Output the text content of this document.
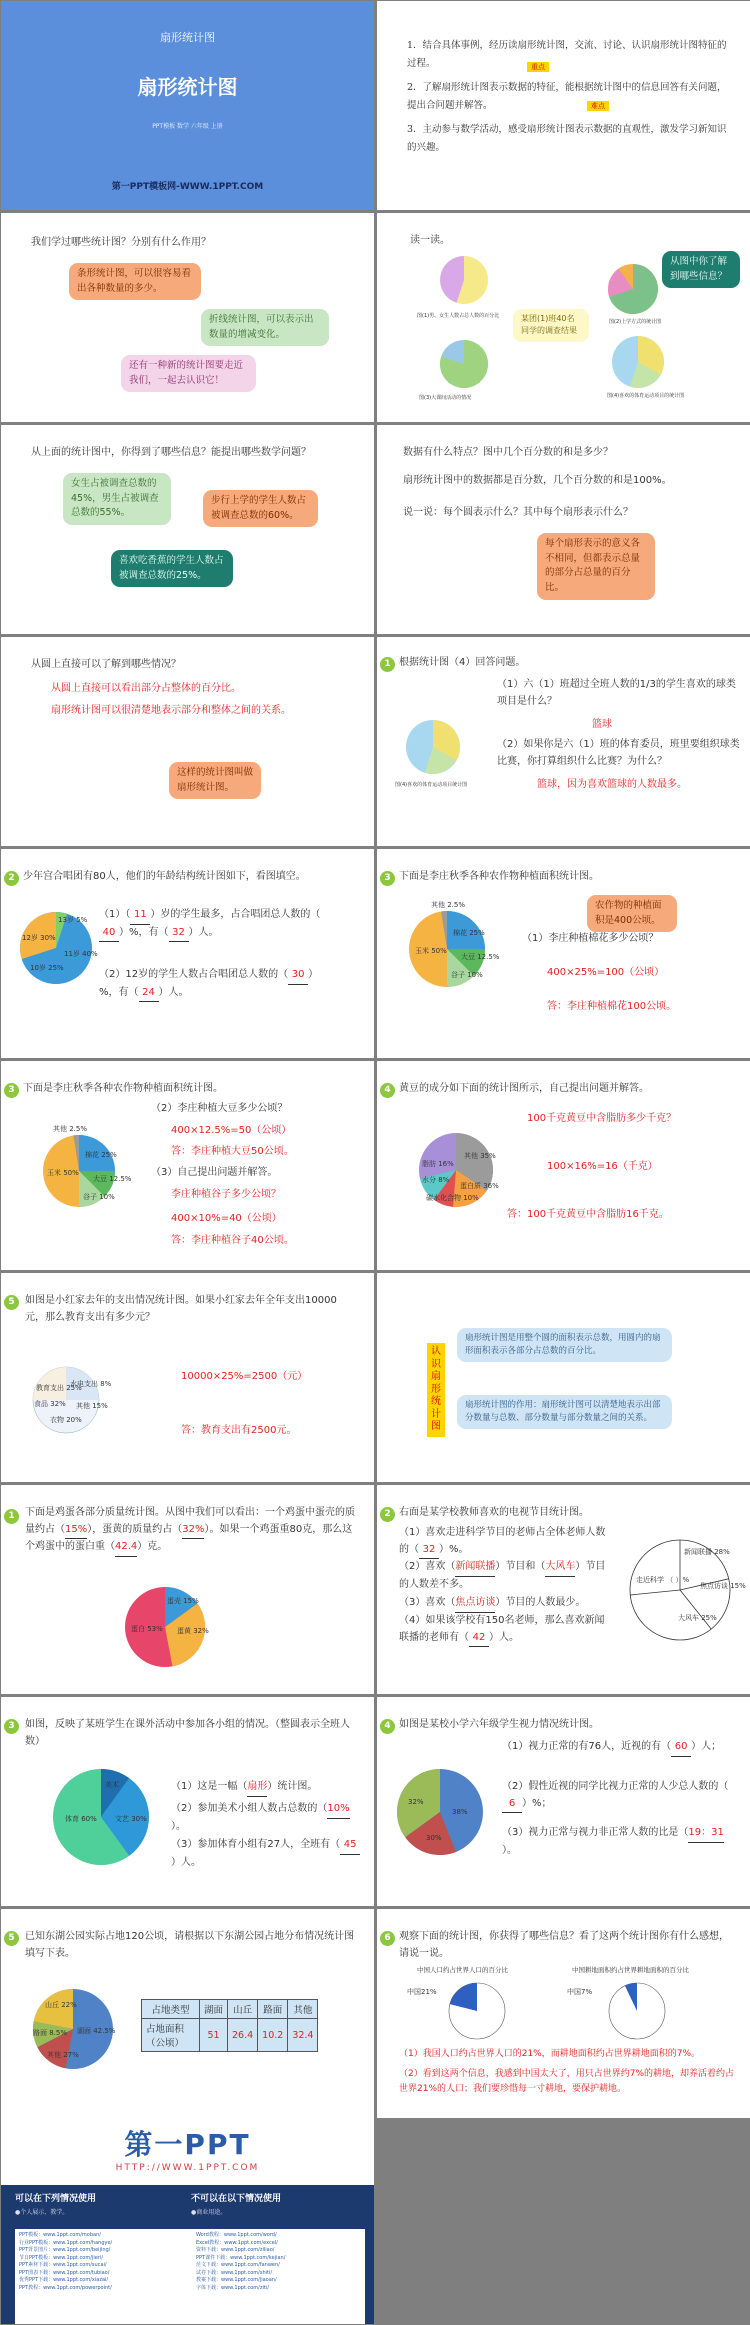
扇形统计图
扇形统计图
PPT模板 数学 六年级 上册
第一PPT模板网-WWW.1PPT.COM
1．结合具体事例，经历读扇形统计图，交流、讨论、认识扇形统计图特征的过程。
2．了解扇形统计图表示数据的特征，能根据统计图中的信息回答有关问题，提出合问题并解答。
3．主动参与数学活动，感受扇形统计图表示数据的直观性，激发学习新知识的兴趣。
重点
难点
我们学过哪些统计图？分别有什么作用？
条形统计图，可以很容易看出各种数量的多少。
折线统计图，可以表示出数量的增减变化。
还有一种新的统计图要走近我们，一起去认识它！
读一读。
从图中你了解到哪些信息？
某团(1)班40名同学的调查结果
图(1)男、女生人数占总人数的百分比
图(2)上学方式的统计图
图(3)大课间活动的情况	图(4)喜欢的体育运动项目的统计图
从上面的统计图中，你得到了哪些信息？能提出哪些数学问题？
女生占被调查总数的45%，男生占被调查总数的55%。
步行上学的学生人数占被调查总数的60%。
喜欢吃香蕉的学生人数占被调查总数的25%。
数据有什么特点？图中几个百分数的和是多少？
扇形统计图中的数据都是百分数，几个百分数的和是100%。
说一说：每个圆表示什么？其中每个扇形表示什么？
每个扇形表示的意义各不相同，但都表示总量的部分占总量的百分比。
从圆上直接可以了解到哪些情况？
从圆上直接可以看出部分占整体的百分比。
扇形统计图可以很清楚地表示部分和整体之间的关系。
这样的统计图叫做扇形统计图。
1 根据统计图（4）回答问题。
图(4)喜欢的体育运动项目统计图
（1）六（1）班超过全班人数的1/3的学生喜欢的球类项目是什么？
篮球
（2）如果你是六（1）班的体育委员，班里要组织球类比赛，你打算组织什么比赛？为什么？
篮球，因为喜欢篮球的人数最多。
2 少年宫合唱团有80人，他们的年龄结构统计图如下，看图填空。
13岁 5%
12岁 30%
11岁 40%
10岁 25%
（1）（ 11 ）岁的学生最多，占合唱团总人数的（40 ）%，有（ 32 ）人。
（2）12岁的学生人数占合唱团总人数的（ 30 ）%，有（ 24 ）人。
3 下面是李庄秋季各种农作物种植面积统计图。
农作物的种植面积是400公顷。
其他 2.5%
棉花 25%
大豆 12.5%
谷子 10%
玉米 50%
（1）李庄种植棉花多少公顷？
400×25%=100（公顷）
答：李庄种植棉花100公顷。
3 下面是李庄秋季各种农作物种植面积统计图。
其他 2.5%
棉花 25%
大豆 12.5%
谷子 10%
玉米 50%
（2）李庄种植大豆多少公顷？
400×12.5%=50（公顷）
答：李庄种植大豆50公顷。
（3）自己提出问题并解答。
李庄种植谷子多少公顷？
400×10%=40（公顷）
答：李庄种植谷子40公顷。
4 黄豆的成分如下面的统计图所示，自己提出问题并解答。
脂肪 16%
其他 35%
蛋白质 36%
碳水化合物 10%
水分 8%
100千克黄豆中含脂肪多少千克？
100×16%=16（千克）
答：100千克黄豆中含脂肪16千克。
5	如图是小红家去年的支出情况统计图。如果小红家去年全年支出10000元，那么教育支出有多少元？
教育支出 25%
水电支出 8%
其他 15%
衣物 20%
食品 32%
10000×25%=2500（元）
答：教育支出有2500元。
认识扇形统计图
扇形统计图是用整个圆的面积表示总数，用圆内的扇形面积表示各部分占总数的百分比。
扇形统计图的作用：扇形统计图可以清楚地表示出部分数量与总数、部分数量与部分数量之间的关系。
1	下面是鸡蛋各部分质量统计图。从图中我们可以看出：一个鸡蛋中蛋壳的质量约占（15%），蛋黄的质量约占（32%）。如果一个鸡蛋重80克，那么这个鸡蛋中的蛋白重（42.4）克。
蛋壳 15%
蛋黄 32%
蛋白 53%
2 右面是某学校教师喜欢的电视节目统计图。
（1）喜欢走进科学节目的老师占全体老师人数的（ 32 ）%。
（2）喜欢（新闻联播）节目和（大风车）节目的人数差不多。
（3）喜欢（焦点访谈）节目的人数最少。
（4）如果该学校有150名老师，那么喜欢新闻联播的老师有（ 42 ）人。
新闻联播 28%
焦点访谈 15%
大风车 25%
走近科学 （ ）%
3	如图，反映了某班学生在课外活动中参加各小组的情况。（整圆表示全班人数）
美术
体育 60%	文艺 30%
（1）这是一幅（扇形）统计图。
（2）参加美术小组人数占总数的（10%）。
（3）参加体育小组有27人，全班有（ 45）人。
4 如图是某校小学六年级学生视力情况统计图。
38%
32%
30%
（1）视力正常的有76人，近视的有（ 60 ）人；
（2）假性近视的同学比视力正常的人少总人数的（6 ）%；
（3）视力正常与视力非正常人数的比是（19：31）。
5	已知东湖公园实际占地120公顷，请根据以下东湖公园占地分布情况统计图填写下表。
山丘 22%
路面 8.5%
其他 27%
湖面 42.5%
占地类型	湖面	山丘	路面	其他
占地面积（公顷）	51	26.4	10.2	32.4
6 观察下面的统计图，你获得了哪些信息？看了这两个统计图你有什么感想，请说一说。
中国人口约占世界人口的百分比	中国耕地面积约占世界耕地面积的百分比
中国21%	中国7%
（1）我国人口约占世界人口的21%，而耕地面积约占世界耕地面积的7%。
（2）看到这两个信息，我感到中国太大了，用只占世界约7%的耕地，却养活着约占世界21%的人口；我们要珍惜每一寸耕地，要保护耕地。
第一PPT
HTTP://WWW.1PPT.COM
可以在下列情况使用	不可以在以下情况使用
●个人展示、教学。	●商业用途。
PPT模板：www.1ppt.com/moban/
行业PPT模板：www.1ppt.com/hangye/
PPT背景图片：www.1ppt.com/beijing/
节日PPT模板：www.1ppt.com/jieri/
PPT素材下载：www.1ppt.com/sucai/
PPT图表下载：www.1ppt.com/tubiao/
优秀PPT下载：www.1ppt.com/xiazai/
PPT教程：www.1ppt.com/powerpoint/
Word教程：www.1ppt.com/word/
Excel教程：www.1ppt.com/excel/
资料下载：www.1ppt.com/ziliao/
PPT课件下载：www.1ppt.com/kejian/
范文下载：www.1ppt.com/fanwen/
试卷下载：www.1ppt.com/shiti/
教案下载：www.1ppt.com/jiaoan/
字体下载：www.1ppt.com/ziti/
